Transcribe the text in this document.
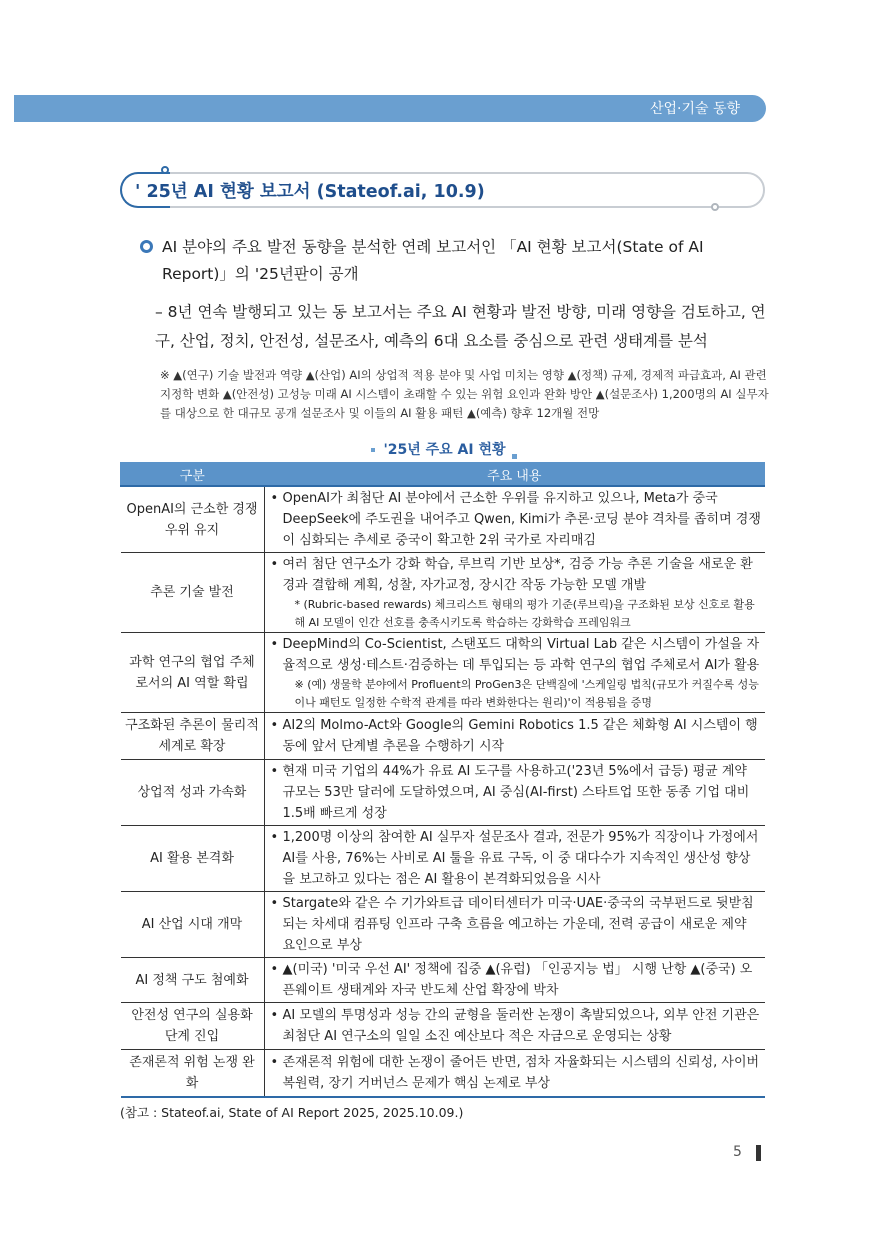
산업·기술 동향
' 25년 AI 현황 보고서 (Stateof.ai, 10.9)
AI 분야의 주요 발전 동향을 분석한 연례 보고서인 「AI 현황 보고서(State of AI Report)」의 '25년판이 공개
– 8년 연속 발행되고 있는 동 보고서는 주요 AI 현황과 발전 방향, 미래 영향을 검토하고, 연구, 산업, 정치, 안전성, 설문조사, 예측의 6대 요소를 중심으로 관련 생태계를 분석
※ ▲(연구) 기술 발전과 역량 ▲(산업) AI의 상업적 적용 분야 및 사업 미치는 영향 ▲(정책) 규제, 경제적 파급효과, AI 관련 지정학 변화 ▲(안전성) 고성능 미래 AI 시스템이 초래할 수 있는 위험 요인과 완화 방안 ▲(설문조사) 1,200명의 AI 실무자를 대상으로 한 대규모 공개 설문조사 및 이들의 AI 활용 패턴 ▲(예측) 향후 12개월 전망
'25년 주요 AI 현황
구분	주요 내용
OpenAI의 근소한 경쟁우위 유지	• OpenAI가 최첨단 AI 분야에서 근소한 우위를 유지하고 있으나, Meta가 중국 DeepSeek에 주도권을 내어주고 Qwen, Kimi가 추론·코딩 분야 격차를 좁히며 경쟁이 심화되는 추세로 중국이 확고한 2위 국가로 자리매김

추론 기술 발전	• 여러 첨단 연구소가 강화 학습, 루브릭 기반 보상*, 검증 가능 추론 기술을 새로운 환경과 결합해 계획, 성찰, 자가교정, 장시간 작동 가능한 모델 개발
* (Rubric-based rewards) 체크리스트 형태의 평가 기준(루브릭)을 구조화된 보상 신호로 활용해 AI 모델이 인간 선호를 충족시키도록 학습하는 강화학습 프레임워크

과학 연구의 협업 주체로서의 AI 역할 확립	• DeepMind의 Co-Scientist, 스탠포드 대학의 Virtual Lab 같은 시스템이 가설을 자율적으로 생성·테스트·검증하는 데 투입되는 등 과학 연구의 협업 주체로서 AI가 활용
※ (예) 생물학 분야에서 Profluent의 ProGen3은 단백질에 '스케일링 법칙(규모가 커질수록 성능이나 패턴도 일정한 수학적 관계를 따라 변화한다는 원리)'이 적용됨을 증명

구조화된 추론이 물리적 세계로 확장	• AI2의 Molmo-Act와 Google의 Gemini Robotics 1.5 같은 체화형 AI 시스템이 행동에 앞서 단계별 추론을 수행하기 시작

상업적 성과 가속화	• 현재 미국 기업의 44%가 유료 AI 도구를 사용하고('23년 5%에서 급등) 평균 계약 규모는 53만 달러에 도달하였으며, AI 중심(AI-first) 스타트업 또한 동종 기업 대비 1.5배 빠르게 성장

AI 활용 본격화	• 1,200명 이상의 참여한 AI 실무자 설문조사 결과, 전문가 95%가 직장이나 가정에서 AI를 사용, 76%는 사비로 AI 툴을 유료 구독, 이 중 대다수가 지속적인 생산성 향상을 보고하고 있다는 점은 AI 활용이 본격화되었음을 시사

AI 산업 시대 개막	• Stargate와 같은 수 기가와트급 데이터센터가 미국·UAE·중국의 국부펀드로 뒷받침되는 차세대 컴퓨팅 인프라 구축 흐름을 예고하는 가운데, 전력 공급이 새로운 제약 요인으로 부상

AI 정책 구도 첨예화	• ▲(미국) '미국 우선 AI' 정책에 집중 ▲(유럽) 「인공지능 법」 시행 난항 ▲(중국) 오픈웨이트 생태계와 자국 반도체 산업 확장에 박차

안전성 연구의 실용화 단계 진입	• AI 모델의 투명성과 성능 간의 균형을 둘러싼 논쟁이 촉발되었으나, 외부 안전 기관은 최첨단 AI 연구소의 일일 소진 예산보다 적은 자금으로 운영되는 상황

존재론적 위험 논쟁 완화	• 존재론적 위험에 대한 논쟁이 줄어든 반면, 점차 자율화되는 시스템의 신뢰성, 사이버 복원력, 장기 거버넌스 문제가 핵심 논제로 부상
(참고 : Stateof.ai, State of AI Report 2025, 2025.10.09.)
5
